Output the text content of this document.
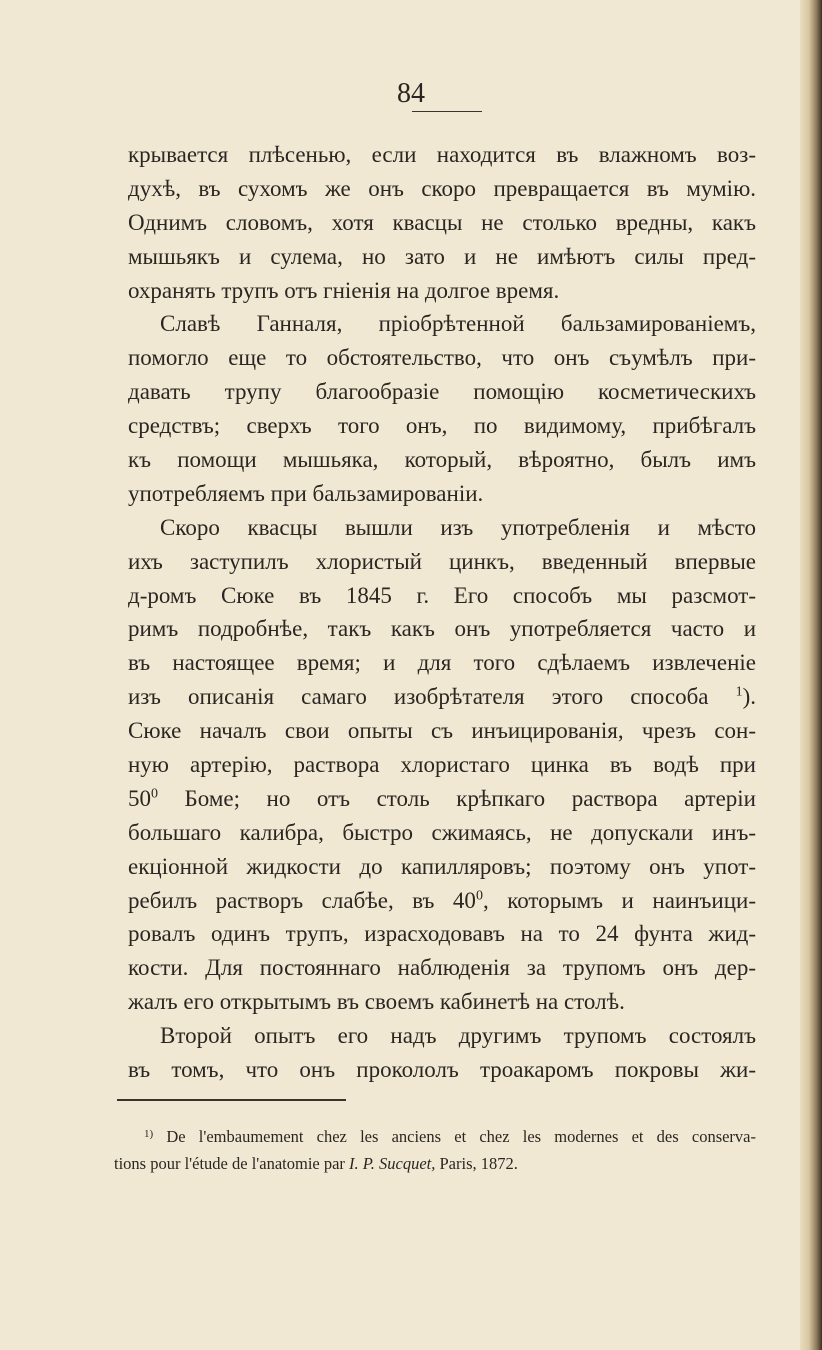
84
крывается плѣсенью, если находится въ влажномъ воз-
духѣ, въ сухомъ же онъ скоро превращается въ мумію.
Однимъ словомъ, хотя квасцы не столько вредны, какъ
мышьякъ и сулема, но зато и не имѣютъ силы пред-
охранять трупъ отъ гніенія на долгое время.
Славѣ Ганналя, пріобрѣтенной бальзамированіемъ,
помогло еще то обстоятельство, что онъ съумѣлъ при-
давать трупу благообразіе помощію косметическихъ
средствъ; сверхъ того онъ, по видимому, прибѣгалъ
къ помощи мышьяка, который, вѣроятно, былъ имъ
употребляемъ при бальзамированіи.
Скоро квасцы вышли изъ употребленія и мѣсто
ихъ заступилъ хлористый цинкъ, введенный впервые
д-ромъ Сюке въ 1845 г. Его способъ мы разсмот-
римъ подробнѣе, такъ какъ онъ употребляется часто и
въ настоящее время; и для того сдѣлаемъ извлеченіе
изъ описанія самаго изобрѣтателя этого способа $^1$).
Сюке началъ свои опыты съ инъицированія, чрезъ сон-
ную артерію, раствора хлористаго цинка въ водѣ при
$50^0$ Боме; но отъ столь крѣпкаго раствора артеріи
большаго калибра, быстро сжимаясь, не допускали инъ-
екціонной жидкости до капилляровъ; поэтому онъ упот-
ребилъ растворъ слабѣе, въ $40^0$, которымъ и наинъици-
ровалъ одинъ трупъ, израсходовавъ на то 24 фунта жид-
кости. Для постояннаго наблюденія за трупомъ онъ дер-
жалъ его открытымъ въ своемъ кабинетѣ на столѣ.
Второй опытъ его надъ другимъ трупомъ состоялъ
въ томъ, что онъ прокололъ троакаромъ покровы жи-
$^{1)}$ De l'embaumement chez les anciens et chez les modernes et des conserva-
tions pour l'étude de l'anatomie par I. P. Sucquet, Paris, 1872.
